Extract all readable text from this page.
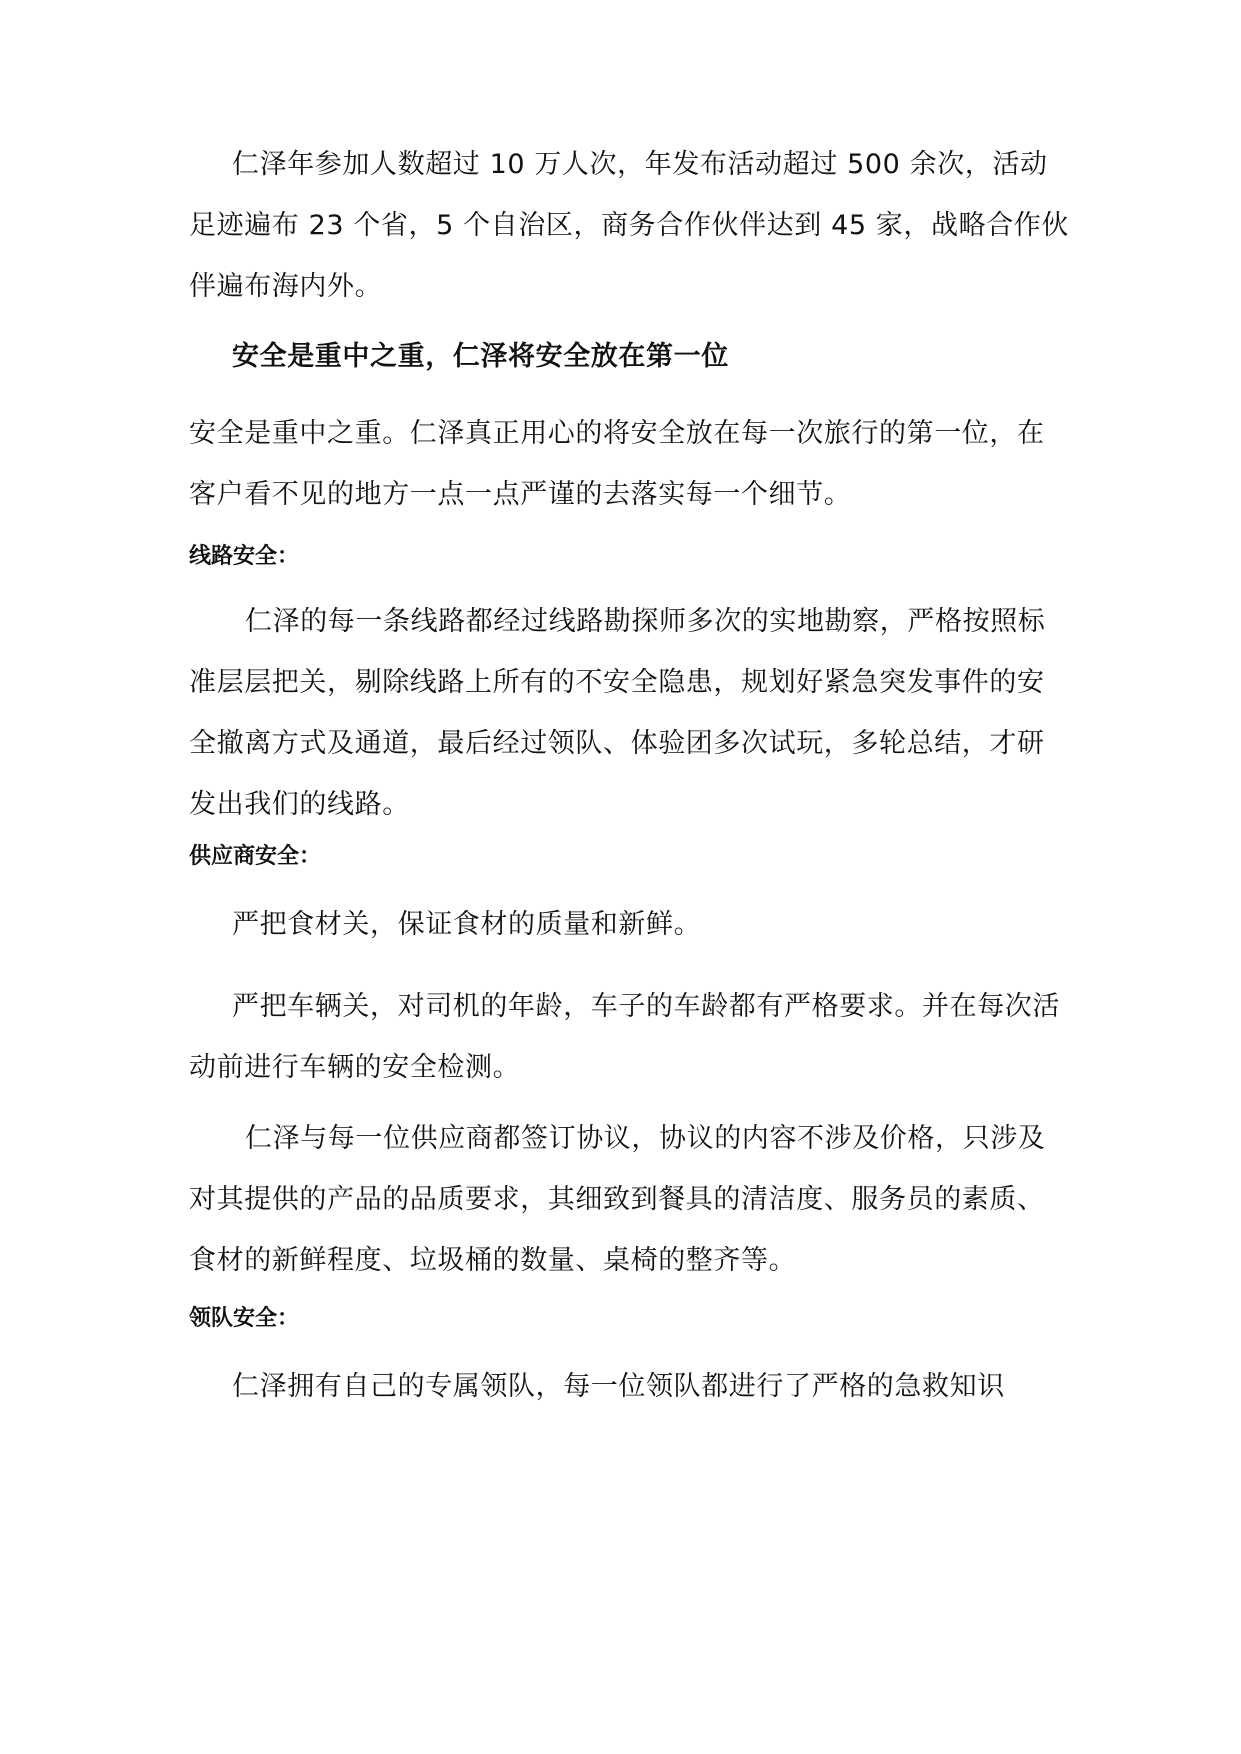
仁泽年参加人数超过 10 万人次，年发布活动超过 500 余次，活动足迹遍布 23 个省，5 个自治区，商务合作伙伴达到 45 家，战略合作伙伴遍布海内外。

安全是重中之重，仁泽将安全放在第一位

安全是重中之重。仁泽真正用心的将安全放在每一次旅行的第一位，在客户看不见的地方一点一点严谨的去落实每一个细节。

线路安全：

仁泽的每一条线路都经过线路勘探师多次的实地勘察，严格按照标准层层把关，剔除线路上所有的不安全隐患，规划好紧急突发事件的安全撤离方式及通道，最后经过领队、体验团多次试玩，多轮总结，才研发出我们的线路。

供应商安全：

严把食材关，保证食材的质量和新鲜。

严把车辆关，对司机的年龄，车子的车龄都有严格要求。并在每次活动前进行车辆的安全检测。

仁泽与每一位供应商都签订协议，协议的内容不涉及价格，只涉及对其提供的产品的品质要求，其细致到餐具的清洁度、服务员的素质、食材的新鲜程度、垃圾桶的数量、桌椅的整齐等。

领队安全：

仁泽拥有自己的专属领队，每一位领队都进行了严格的急救知识
